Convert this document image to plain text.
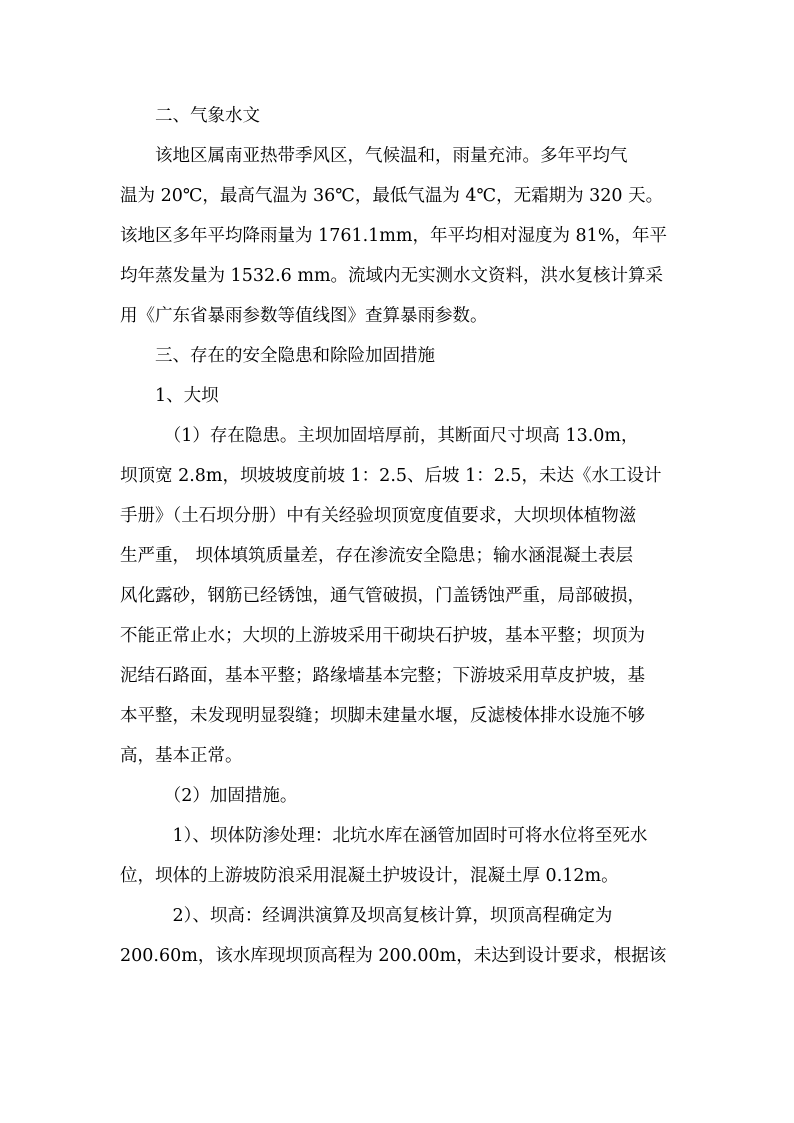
二、气象水文
该地区属南亚热带季风区，气候温和，雨量充沛。多年平均气
温为 20℃，最高气温为 36℃，最低气温为 4℃，无霜期为 320 天。
该地区多年平均降雨量为 1761.1mm，年平均相对湿度为 81%，年平
均年蒸发量为 1532.6 mm。流域内无实测水文资料，洪水复核计算采
用《广东省暴雨参数等值线图》查算暴雨参数。
三、存在的安全隐患和除险加固措施
1、大坝
（1）存在隐患。主坝加固培厚前，其断面尺寸坝高 13.0m，
坝顶宽 2.8m，坝坡坡度前坡 1：2.5、后坡 1：2.5，未达《水工设计
手册》（土石坝分册）中有关经验坝顶宽度值要求，大坝坝体植物滋
生严重， 坝体填筑质量差，存在渗流安全隐患；输水涵混凝土表层
风化露砂，钢筋已经锈蚀，通气管破损，门盖锈蚀严重，局部破损，
不能正常止水；大坝的上游坡采用干砌块石护坡，基本平整；坝顶为
泥结石路面，基本平整；路缘墙基本完整；下游坡采用草皮护坡，基
本平整，未发现明显裂缝；坝脚未建量水堰，反滤棱体排水设施不够
高，基本正常。
（2）加固措施。
1）、坝体防渗处理：北坑水库在涵管加固时可将水位将至死水
位，坝体的上游坡防浪采用混凝土护坡设计，混凝土厚 0.12m。
2）、坝高：经调洪演算及坝高复核计算，坝顶高程确定为
200.60m，该水库现坝顶高程为 200.00m，未达到设计要求，根据该
